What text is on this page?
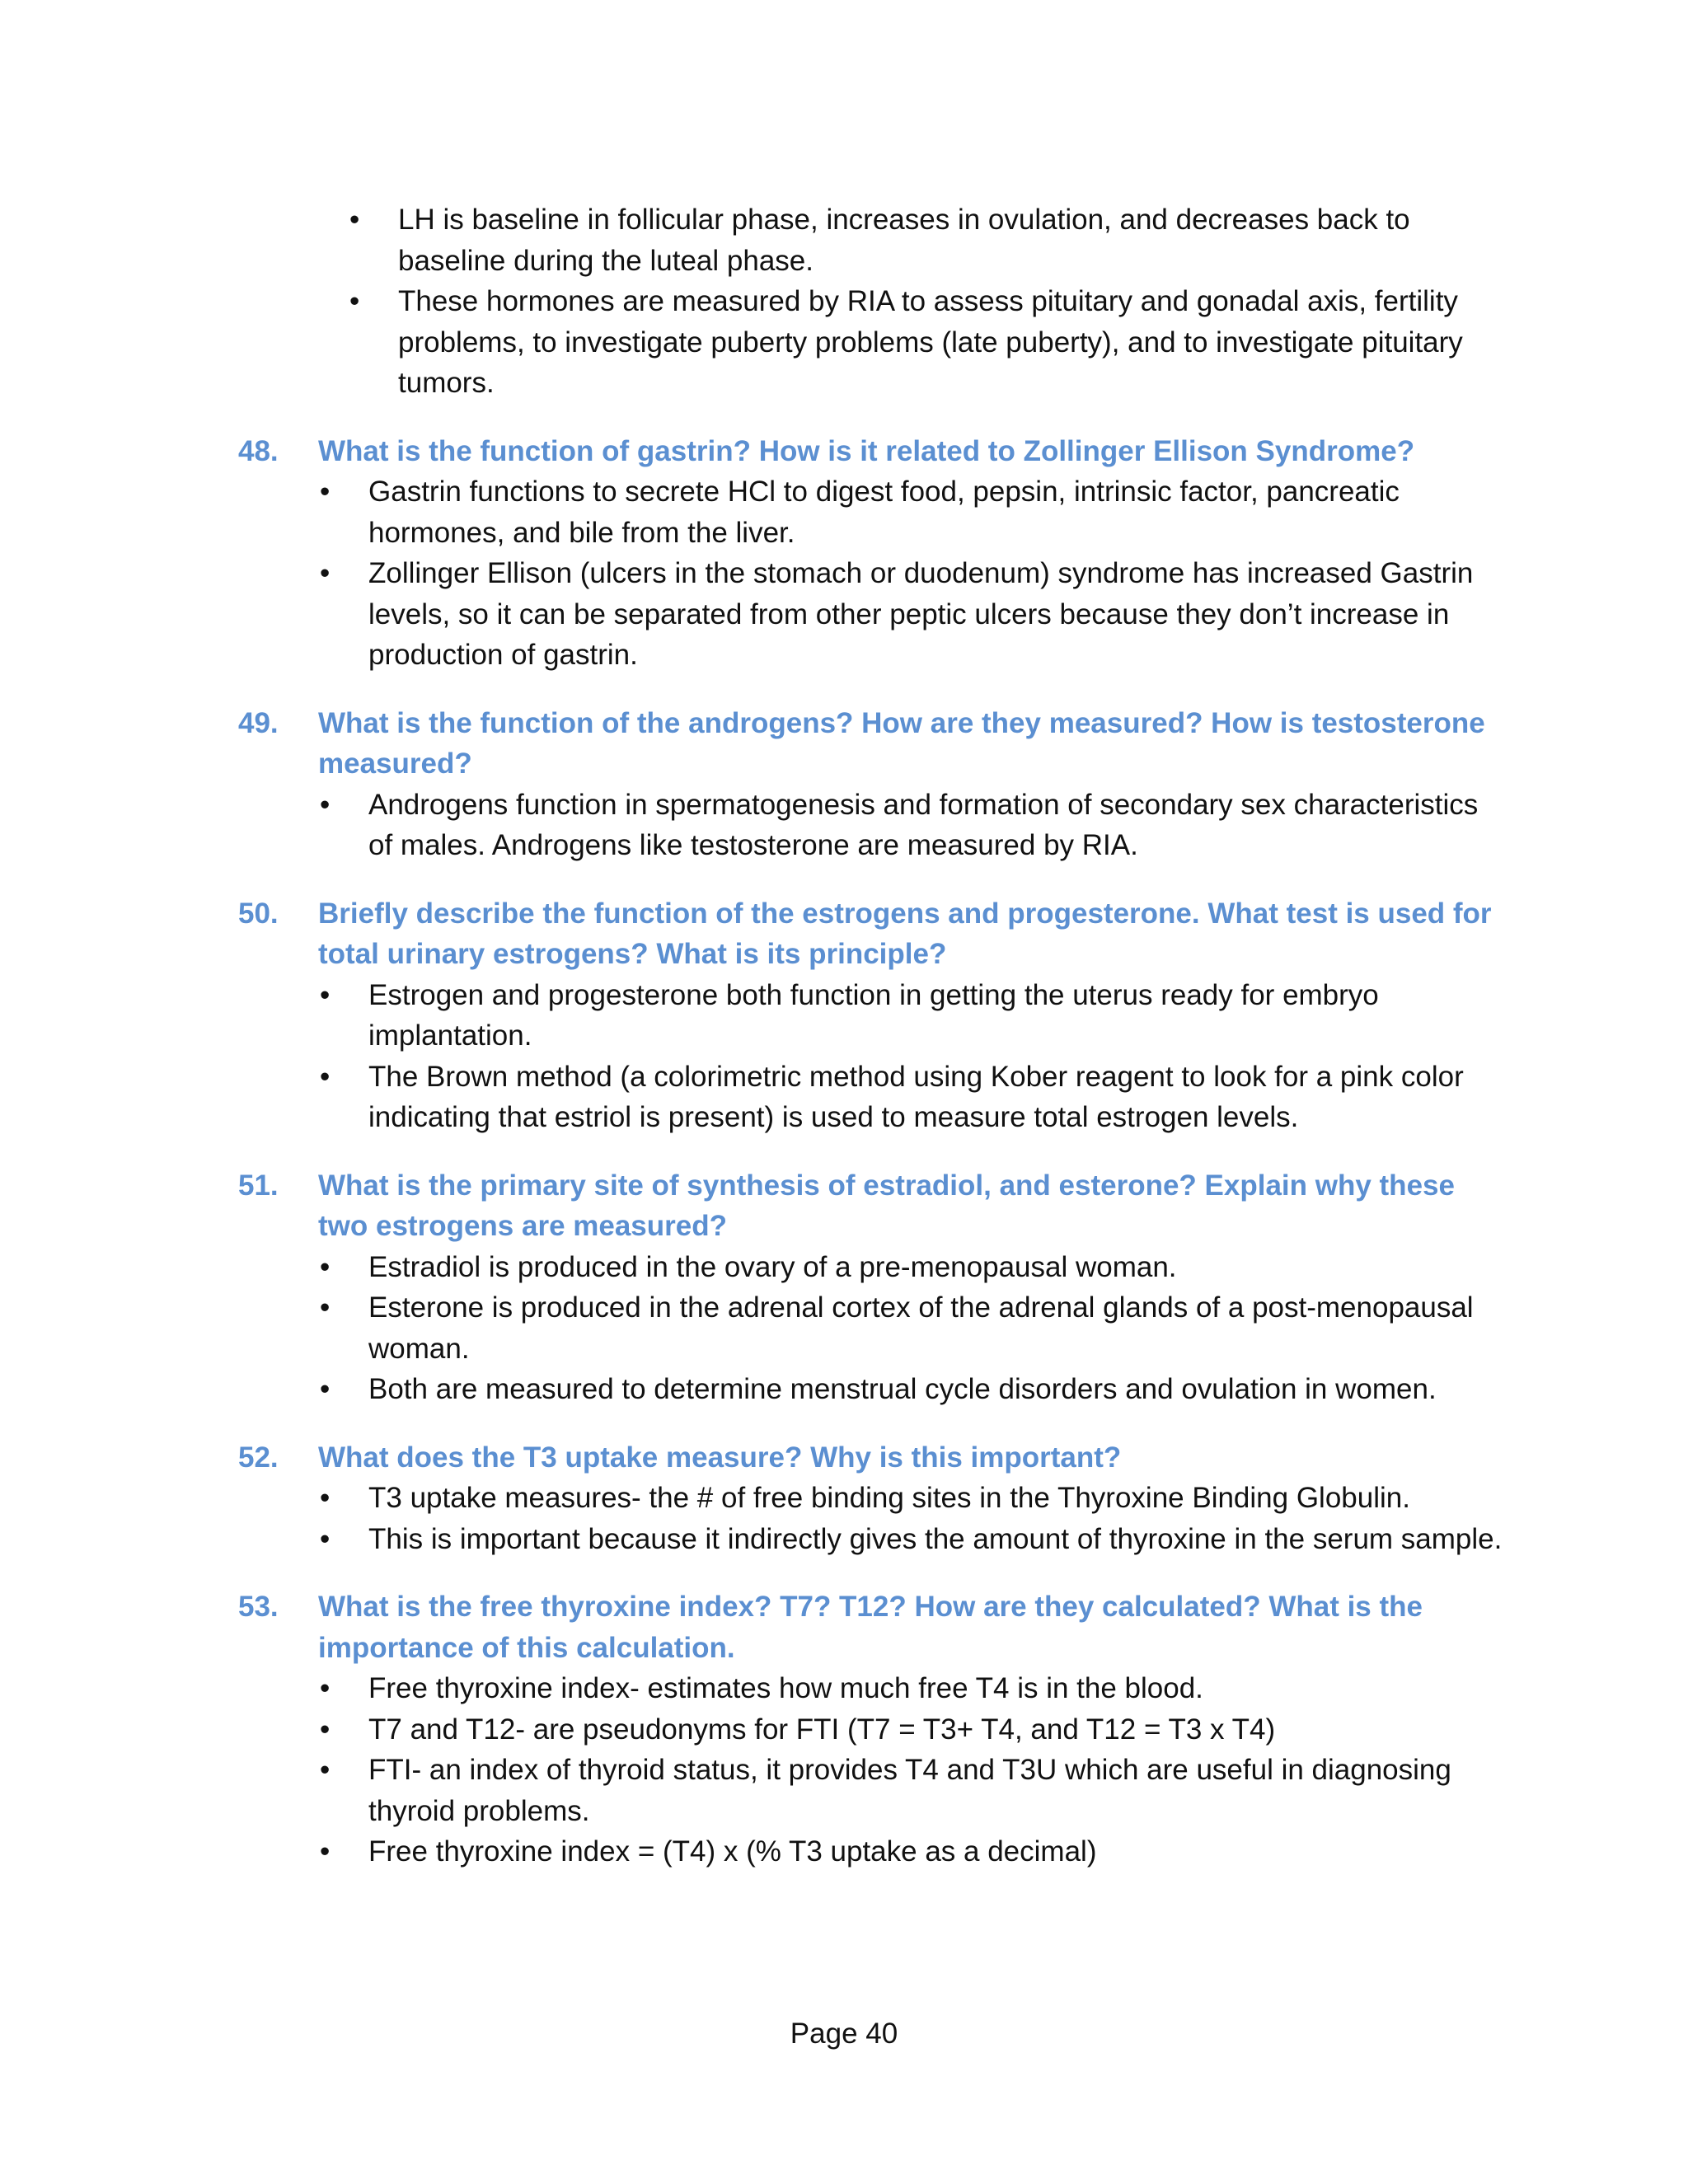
• LH is baseline in follicular phase, increases in ovulation, and decreases back to baseline during the luteal phase.
• These hormones are measured by RIA to assess pituitary and gonadal axis, fertility problems, to investigate puberty problems (late puberty), and to investigate pituitary tumors.
48. What is the function of gastrin? How is it related to Zollinger Ellison Syndrome?
• Gastrin functions to secrete HCl to digest food, pepsin, intrinsic factor, pancreatic hormones, and bile from the liver.
• Zollinger Ellison (ulcers in the stomach or duodenum) syndrome has increased Gastrin levels, so it can be separated from other peptic ulcers because they don’t increase in production of gastrin.
49. What is the function of the androgens? How are they measured? How is testosterone measured?
• Androgens function in spermatogenesis and formation of secondary sex characteristics of males. Androgens like testosterone are measured by RIA.
50. Briefly describe the function of the estrogens and progesterone. What test is used for total urinary estrogens? What is its principle?
• Estrogen and progesterone both function in getting the uterus ready for embryo implantation.
• The Brown method (a colorimetric method using Kober reagent to look for a pink color indicating that estriol is present) is used to measure total estrogen levels.
51. What is the primary site of synthesis of estradiol, and esterone? Explain why these two estrogens are measured?
• Estradiol is produced in the ovary of a pre-menopausal woman.
• Esterone is produced in the adrenal cortex of the adrenal glands of a post-menopausal woman.
• Both are measured to determine menstrual cycle disorders and ovulation in women.
52. What does the T3 uptake measure? Why is this important?
• T3 uptake measures- the # of free binding sites in the Thyroxine Binding Globulin.
• This is important because it indirectly gives the amount of thyroxine in the serum sample.
53. What is the free thyroxine index? T7? T12? How are they calculated? What is the importance of this calculation.
• Free thyroxine index- estimates how much free T4 is in the blood.
• T7 and T12- are pseudonyms for FTI (T7 = T3+ T4, and T12 = T3 x T4)
• FTI- an index of thyroid status, it provides T4 and T3U which are useful in diagnosing thyroid problems.
• Free thyroxine index = (T4) x (% T3 uptake as a decimal)
Page 40
